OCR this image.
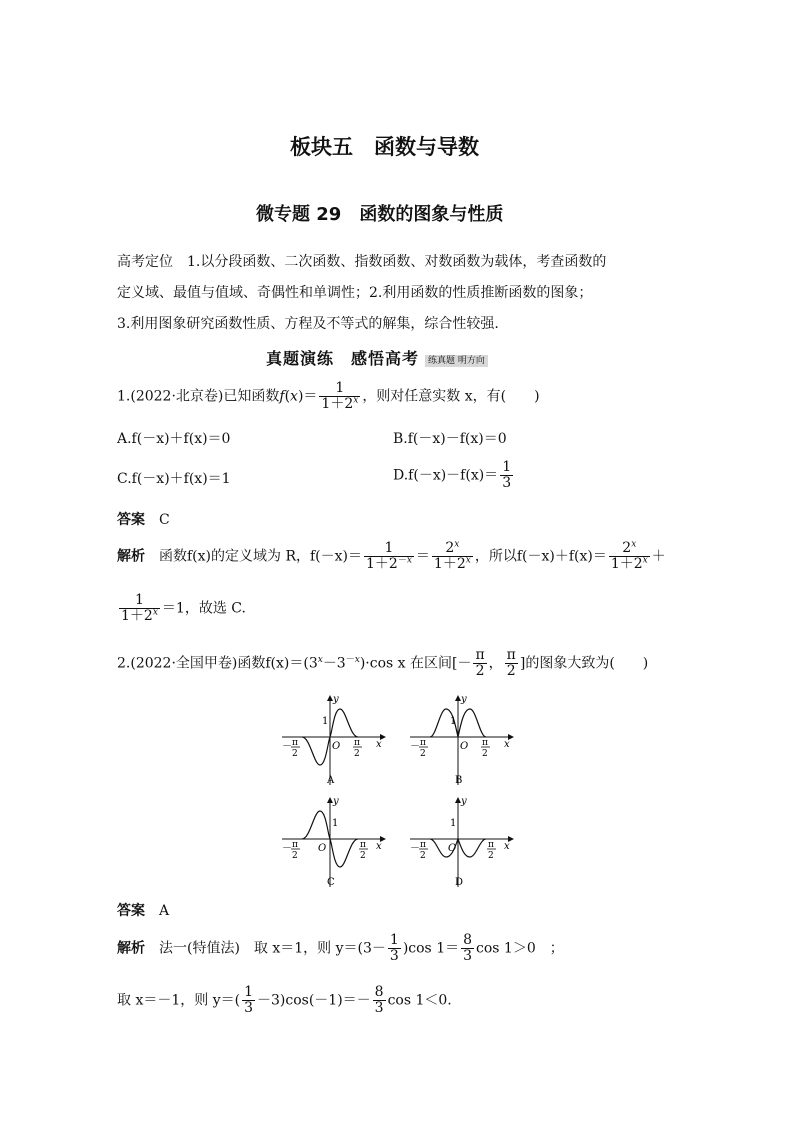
板块五　函数与导数
微专题 29　函数的图象与性质
高考定位　 1.以分段函数、二次函数、指数函数、对数函数为载体，考查函数的
定义域、最值与值域、奇偶性和单调性；2.利用函数的性质推断函数的图象；
3.利用图象研究函数性质、方程及不等式的解集，综合性较强.
真题演练　感悟高考 练真题 明方向
1.(2022·北京卷)已知函数$f(x)= \frac{1}{1+2^x}$ ，则对任意实数 x，有(　　)
A.f(－x)＋f(x)＝0	B.f(－x)－f(x)＝0
C.f(－x)＋f(x)＝1	$D.f(-x)-f(x)= \frac{1}{3}$
答案　 C
解析　 函数f(x)的定义域为 R，$f(-x)= \frac{1}{1+2^{-x}} = \frac{2^x}{1+2^x}$ ，所以$f(-x)+f(x)= \frac{2^x}{1+2^x}$ ＋
$\frac{1}{1+2^x} =1$，故选 C.
2.(2022·全国甲卷)函数$f(x)=(3^x-3^{-x})\cdot\cos$ x 在区间[－ $\frac{\pi}{2}$ ， $\frac{\pi}{2}$ ]的图象大致为(　　)
y
1
O	x
－ π
2
π
2
A
y
1
O	x
－ π
2
π
2
B
y
1
O	x
－ π
2
π
2
C
y
1
O	x
－ π
2
π
2
D
答案　 A
解析　 法一(特值法)　取 x＝1，则 $y=(3- \frac{1}{3} )\cos$ $1= \frac{8}{3}$ cos 1＞0　；
取 x＝－1，则 $y=( \frac{1}{3} -3)\cos(-1)=- \frac{8}{3}$ cos 1＜0.
